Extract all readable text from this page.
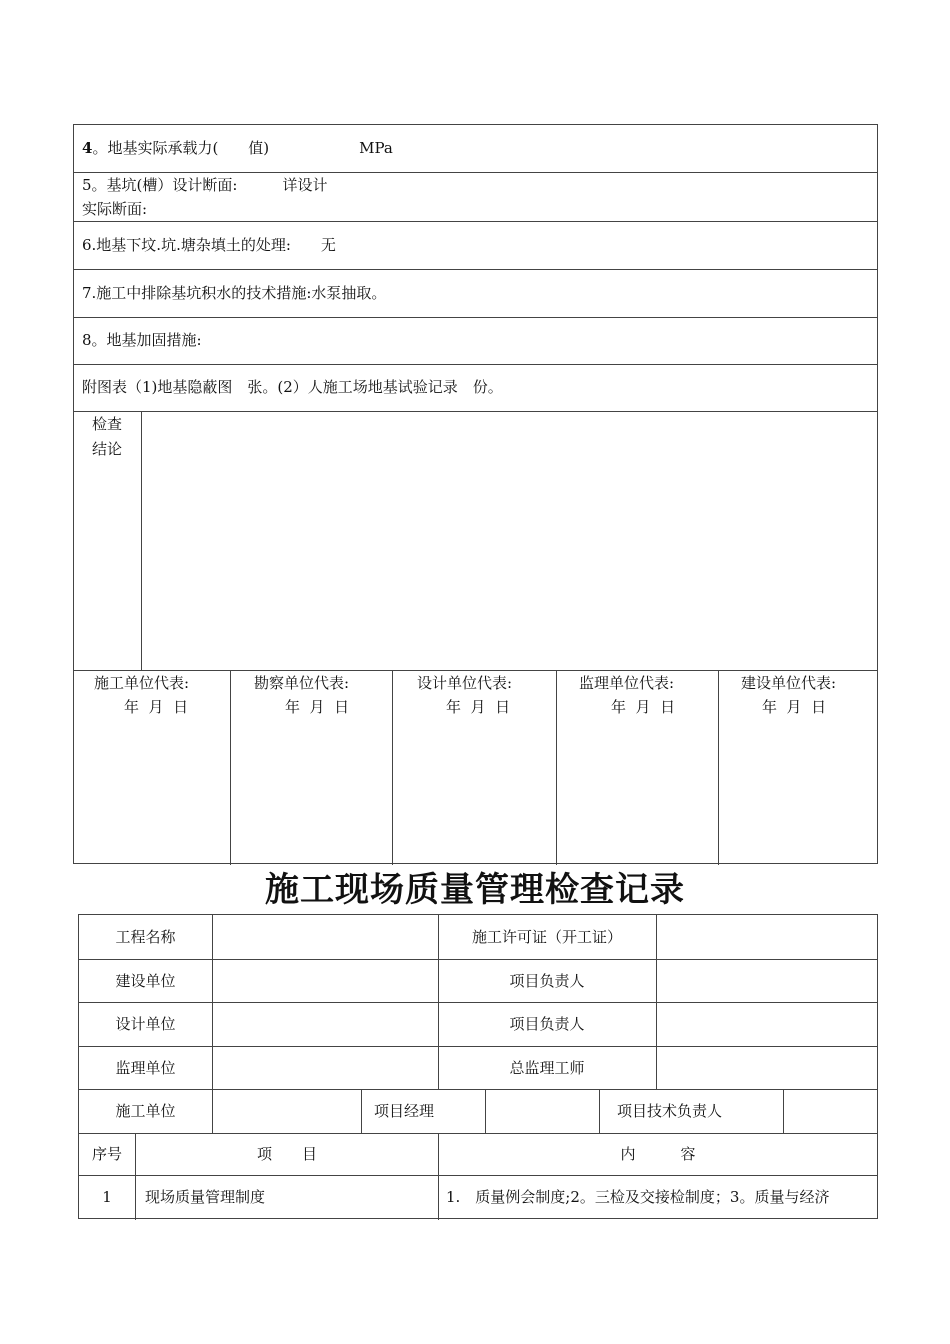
4。地基实际承载力(　　值)　　　　　　MPa
5。基坑(槽）设计断面:　　　详设计
实际断面:
6.地基下坟.坑.塘杂填土的处理:　　无
7.施工中排除基坑积水的技术措施:水泵抽取。
8。地基加固措施:
附图表（1)地基隐蔽图　张。(2）人施工场地基试验记录　份。
检查
结论
施工单位代表:
年  月  日
勘察单位代表:
年  月  日
设计单位代表:
年  月  日
监理单位代表:
年  月  日
建设单位代表:
年  月  日
施工现场质量管理检查记录
工程名称	施工许可证（开工证）
建设单位	项目负责人
设计单位	项目负责人
监理单位	总监理工师
施工单位	项目经理	项目技术负责人
序号	项　　目	内　　　容
1	现场质量管理制度	1.　质量例会制度;2。三检及交接检制度；3。质量与经济
